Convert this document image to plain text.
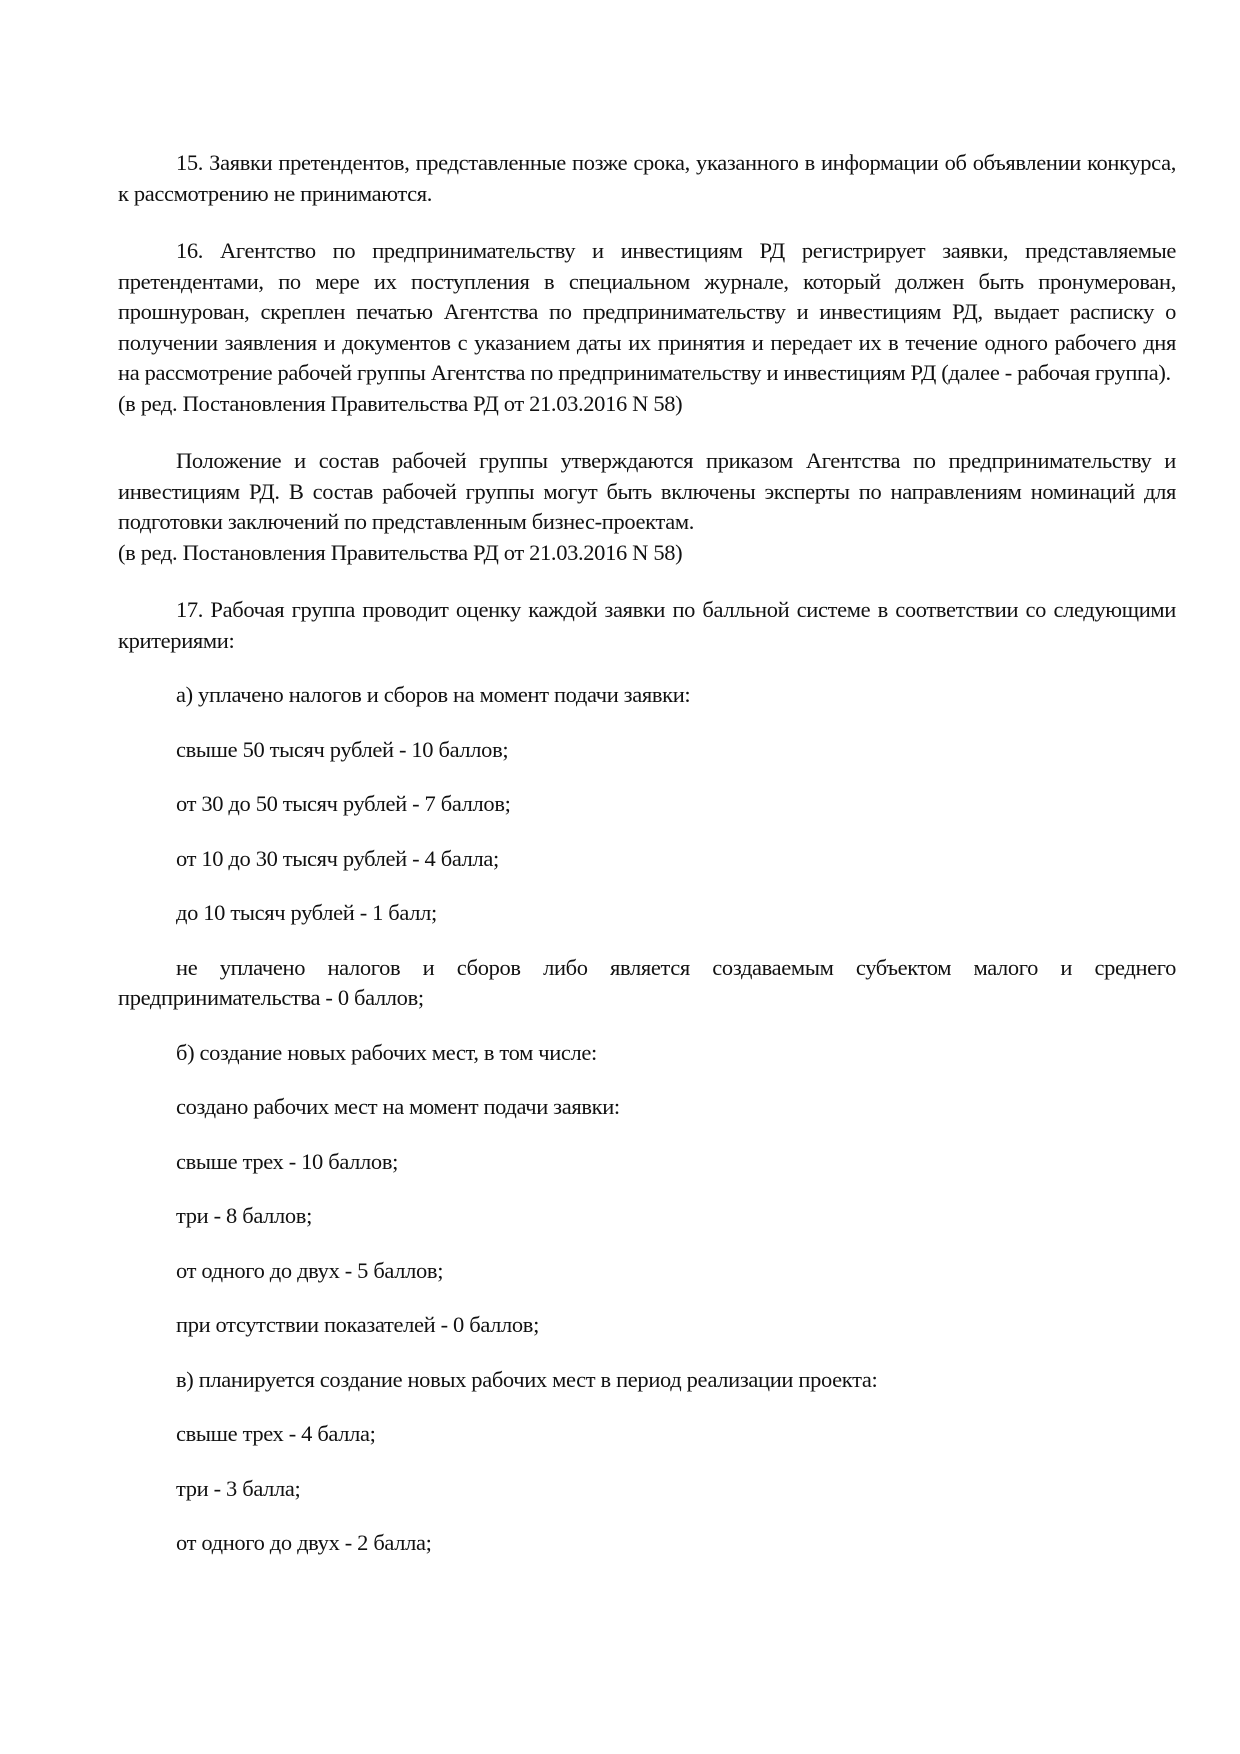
15. Заявки претендентов, представленные позже срока, указанного в информации об объявлении конкурса, к рассмотрению не принимаются.

16. Агентство по предпринимательству и инвестициям РД регистрирует заявки, представляемые претендентами, по мере их поступления в специальном журнале, который должен быть пронумерован, прошнурован, скреплен печатью Агентства по предпринимательству и инвестициям РД, выдает расписку о получении заявления и документов с указанием даты их принятия и передает их в течение одного рабочего дня на рассмотрение рабочей группы Агентства по предпринимательству и инвестициям РД (далее - рабочая группа).

(в ред. Постановления Правительства РД от 21.03.2016 N 58)

Положение и состав рабочей группы утверждаются приказом Агентства по предпринимательству и инвестициям РД. В состав рабочей группы могут быть включены эксперты по направлениям номинаций для подготовки заключений по представленным бизнес-проектам.

(в ред. Постановления Правительства РД от 21.03.2016 N 58)

17. Рабочая группа проводит оценку каждой заявки по балльной системе в соответствии со следующими критериями:

а) уплачено налогов и сборов на момент подачи заявки:

свыше 50 тысяч рублей - 10 баллов;

от 30 до 50 тысяч рублей - 7 баллов;

от 10 до 30 тысяч рублей - 4 балла;

до 10 тысяч рублей - 1 балл;

не уплачено налогов и сборов либо является создаваемым субъектом малого и среднего предпринимательства - 0 баллов;

б) создание новых рабочих мест, в том числе:

создано рабочих мест на момент подачи заявки:

свыше трех - 10 баллов;

три - 8 баллов;

от одного до двух - 5 баллов;

при отсутствии показателей - 0 баллов;

в) планируется создание новых рабочих мест в период реализации проекта:

свыше трех - 4 балла;

три - 3 балла;

от одного до двух - 2 балла;
